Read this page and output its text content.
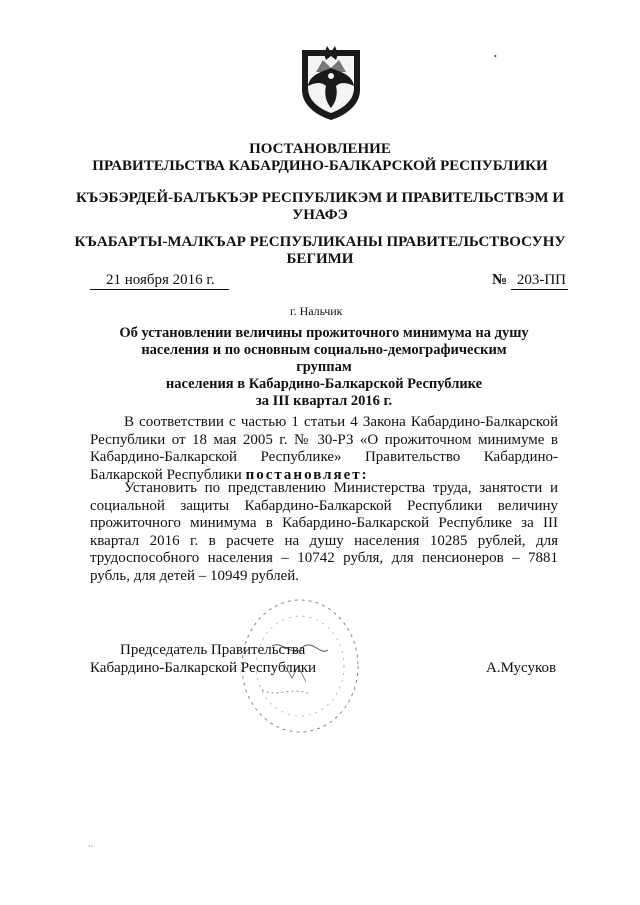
ПОСТАНОВЛЕНИЕ
ПРАВИТЕЛЬСТВА КАБАРДИНО-БАЛКАРСКОЙ РЕСПУБЛИКИ
КЪЭБЭРДЕЙ-БАЛЪКЪЭР РЕСПУБЛИКЭМ И ПРАВИТЕЛЬСТВЭМ И УНАФЭ
КЪАБАРТЫ-МАЛКЪАР РЕСПУБЛИКАНЫ ПРАВИТЕЛЬСТВОСУНУ БЕГИМИ
21 ноября 2016 г.	№ 203-ПП
г. Нальчик
Об установлении величины прожиточного минимума на душу
населения и по основным социально-демографическим группам
населения в Кабардино-Балкарской Республике
за III квартал 2016 г.
В соответствии с частью 1 статьи 4 Закона Кабардино-Балкарской Республики от 18 мая 2005 г. № 30-РЗ «О прожиточном минимуме в Кабардино-Балкарской Республике» Правительство Кабардино-Балкарской Республики постановляет:
Установить по представлению Министерства труда, занятости и социальной защиты Кабардино-Балкарской Республики величину прожиточного минимума в Кабардино-Балкарской Республике за III квартал 2016 г. в расчете на душу населения 10285 рублей, для трудоспособного населения – 10742 рубля, для пенсионеров – 7881 рубль, для детей – 10949 рублей.
Председатель Правительства
Кабардино-Балкарской Республики	А.Мусуков
•
··
